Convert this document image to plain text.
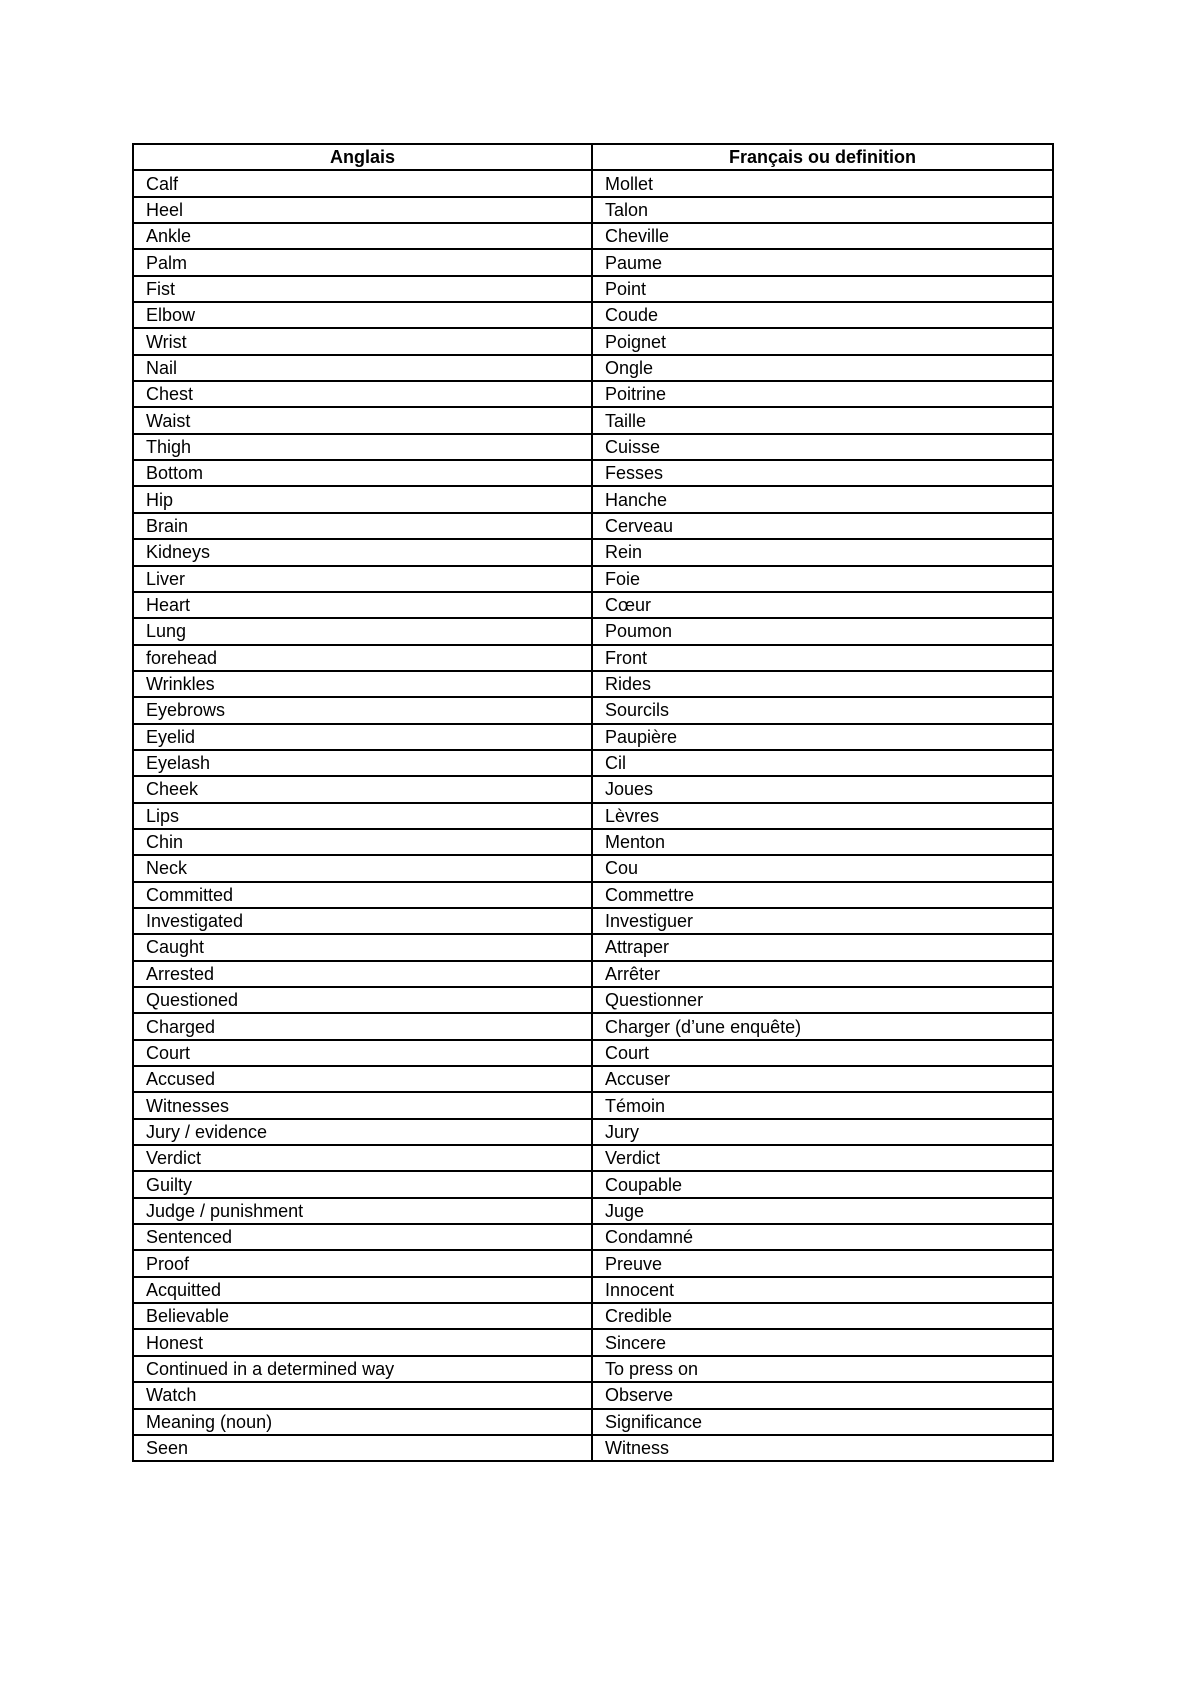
Anglais	Français ou definition
Calf	Mollet
Heel	Talon
Ankle	Cheville
Palm	Paume
Fist	Point
Elbow	Coude
Wrist	Poignet
Nail	Ongle
Chest	Poitrine
Waist	Taille
Thigh	Cuisse
Bottom	Fesses
Hip	Hanche
Brain	Cerveau
Kidneys	Rein
Liver	Foie
Heart	Cœur
Lung	Poumon
forehead	Front
Wrinkles	Rides
Eyebrows	Sourcils
Eyelid	Paupière
Eyelash	Cil
Cheek	Joues
Lips	Lèvres
Chin	Menton
Neck	Cou
Committed	Commettre
Investigated	Investiguer
Caught	Attraper
Arrested	Arrêter
Questioned	Questionner
Charged	Charger (d’une enquête)
Court	Court
Accused	Accuser
Witnesses	Témoin
Jury / evidence	Jury
Verdict	Verdict
Guilty	Coupable
Judge / punishment	Juge
Sentenced	Condamné
Proof	Preuve
Acquitted	Innocent
Believable	Credible
Honest	Sincere
Continued in a determined way	To press on
Watch	Observe
Meaning (noun)	Significance
Seen	Witness
